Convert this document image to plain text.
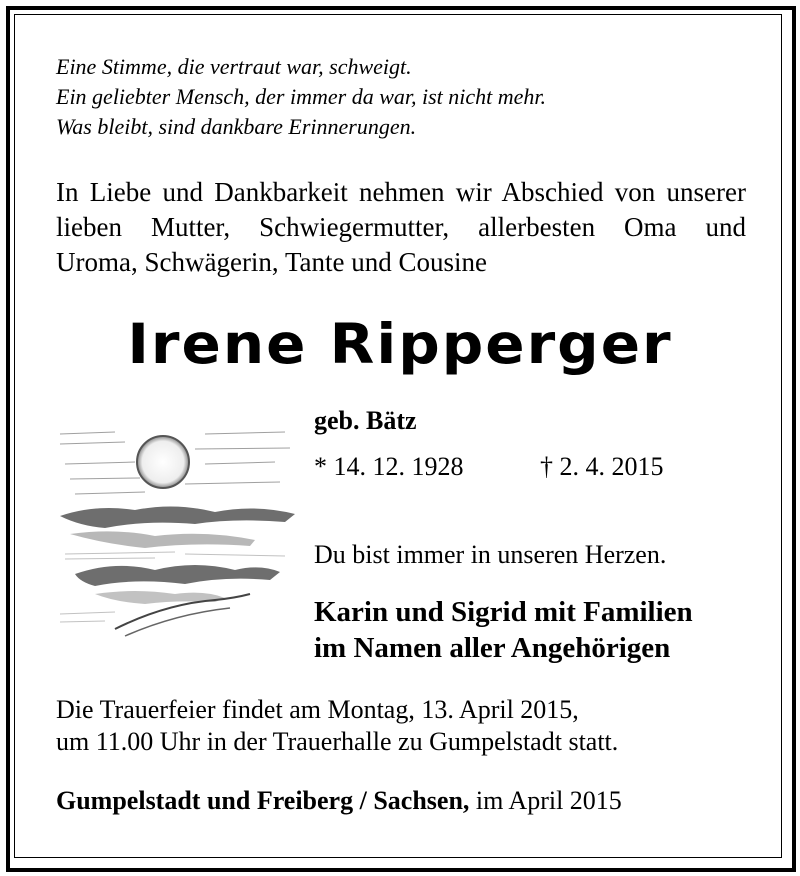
Eine Stimme, die vertraut war, schweigt.
Ein geliebter Mensch, der immer da war, ist nicht mehr.
Was bleibt, sind dankbare Erinnerungen.
In Liebe und Dankbarkeit nehmen wir Abschied von unserer
lieben Mutter, Schwiegermutter, allerbesten Oma und
Uroma, Schwägerin, Tante und Cousine
Irene Ripperger
geb. Bätz
* 14. 12. 1928	† 2. 4. 2015
Du bist immer in unseren Herzen.
Karin und Sigrid mit Familien
im Namen aller Angehörigen
Die Trauerfeier findet am Montag, 13. April 2015,
um 11.00 Uhr in der Trauerhalle zu Gumpelstadt statt.
Gumpelstadt und Freiberg / Sachsen, im April 2015
